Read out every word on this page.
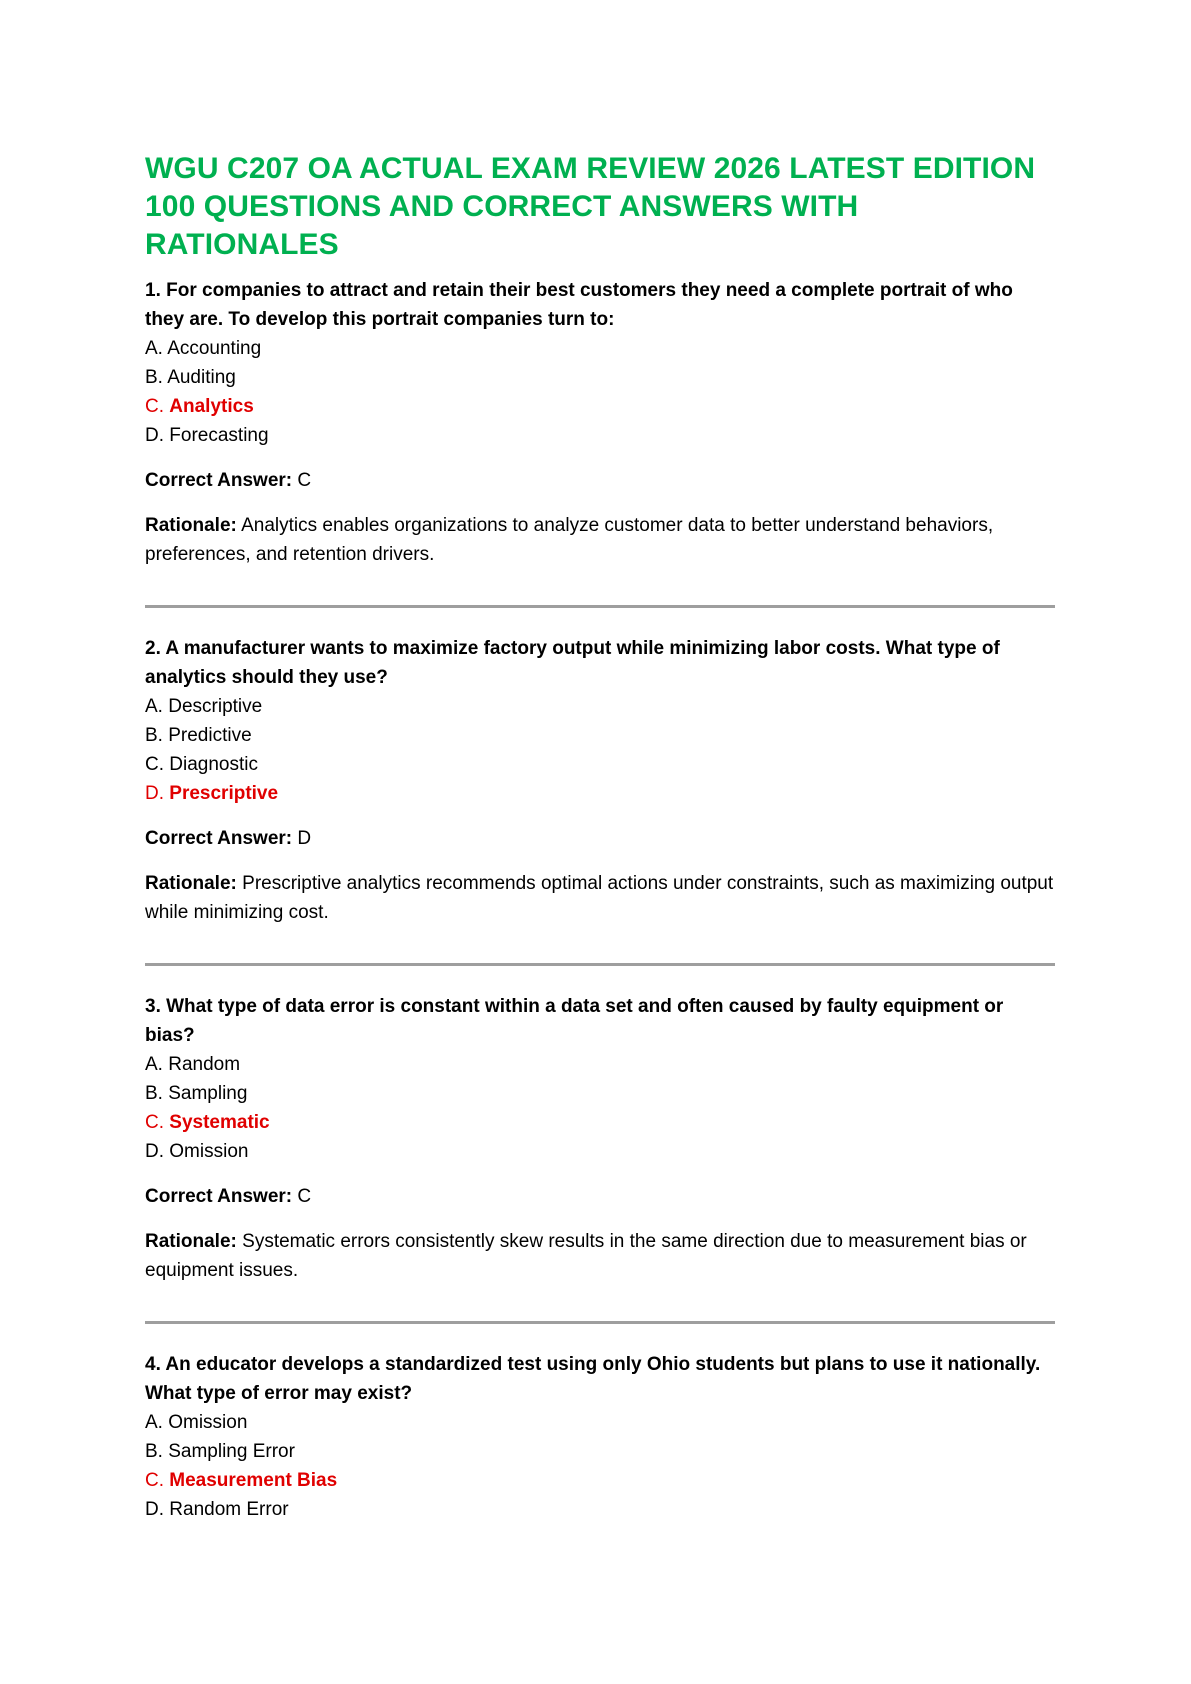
WGU C207 OA ACTUAL EXAM REVIEW 2026 LATEST EDITION 100 QUESTIONS AND CORRECT ANSWERS WITH RATIONALES

1. For companies to attract and retain their best customers they need a complete portrait of who they are. To develop this portrait companies turn to:

A. Accounting

B. Auditing

C. Analytics

D. Forecasting

Correct Answer: C

Rationale: Analytics enables organizations to analyze customer data to better understand behaviors, preferences, and retention drivers.

2. A manufacturer wants to maximize factory output while minimizing labor costs. What type of analytics should they use?

A. Descriptive

B. Predictive

C. Diagnostic

D. Prescriptive

Correct Answer: D

Rationale: Prescriptive analytics recommends optimal actions under constraints, such as maximizing output while minimizing cost.

3. What type of data error is constant within a data set and often caused by faulty equipment or bias?

A. Random

B. Sampling

C. Systematic

D. Omission

Correct Answer: C

Rationale: Systematic errors consistently skew results in the same direction due to measurement bias or equipment issues.

4. An educator develops a standardized test using only Ohio students but plans to use it nationally. What type of error may exist?

A. Omission

B. Sampling Error

C. Measurement Bias

D. Random Error
